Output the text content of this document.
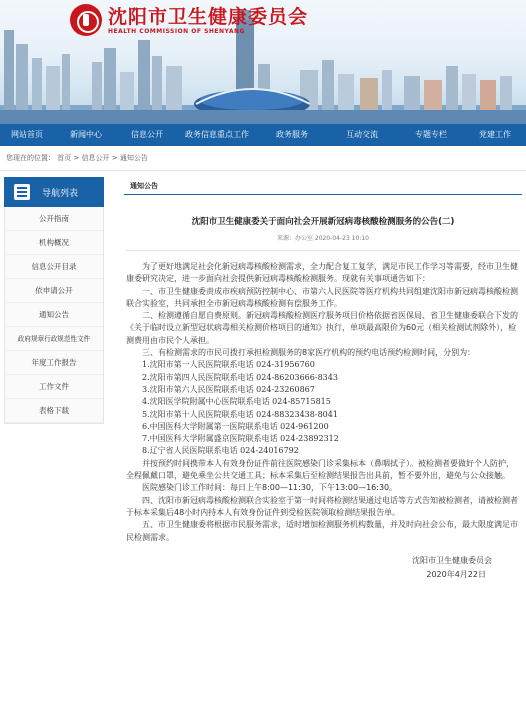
沈阳市卫生健康委员会
HEALTH COMMISSION OF SHENYANG
网站首页	新闻中心	信息公开	政务信息重点工作	政务服务	互动交流	专题专栏	党建工作
您现在的位置： 首页 > 信息公开 > 通知公告
导航列表
公开指南
机构概况
信息公开目录
依申请公开
通知公告
政府规章行政规范性文件
年度工作报告
工作文件
表格下载
通知公告
沈阳市卫生健康委关于面向社会开展新冠病毒核酸检测服务的公告(二)
来源：办公室 2020-04-23 10:10

为了更好地满足社会化新冠病毒核酸检测需求，全力配合复工复学，满足市民工作学习等需要，经市卫生健康委研究决定，进一步面向社会提供新冠病毒核酸检测服务。现就有关事项通告如下：

一、市卫生健康委责成市疾病预防控制中心、市第六人民医院等医疗机构共同组建沈阳市新冠病毒核酸检测联合实验室，共同承担全市新冠病毒核酸检测有偿服务工作。

二、检测遵循自愿自费原则。新冠病毒核酸检测医疗服务项目价格依据省医保局、省卫生健康委联合下发的《关于临时设立新型冠状病毒相关检测价格项目的通知》执行，单项最高限价为60元（相关检测试剂除外），检测费用由市民个人承担。

三、有检测需求的市民可拨打承担检测服务的8家医疗机构的预约电话预约检测时间，分别为：

1.沈阳市第一人民医院联系电话 024-31956760

2.沈阳市第四人民医院联系电话 024-86203666-8343

3.沈阳市第六人民医院联系电话 024-23260867

4.沈阳医学院附属中心医院联系电话 024-85715815

5.沈阳市第十人民医院联系电话 024-88323438-8041

6.中国医科大学附属第一医院联系电话 024-961200

7.中国医科大学附属盛京医院联系电话 024-23892312

8.辽宁省人民医院联系电话 024-24016792

并按预约时间携带本人有效身份证件前往医院感染门诊采集标本（鼻咽拭子）。被检测者要做好个人防护，全程佩戴口罩，避免乘坐公共交通工具；标本采集后至检测结果报告出具前，暂不要外出，避免与公众接触。

医院感染门诊工作时间：每日上午8:00—11:30，下午13:00—16:30。

四、沈阳市新冠病毒核酸检测联合实验室于第一时间将检测结果通过电话等方式告知被检测者，请被检测者于标本采集后48小时内持本人有效身份证件到受检医院领取检测结果报告单。

五、市卫生健康委将根据市民服务需求，适时增加检测服务机构数量，并及时向社会公布，最大限度满足市民检测需求。

沈阳市卫生健康委员会

2020年4月22日
